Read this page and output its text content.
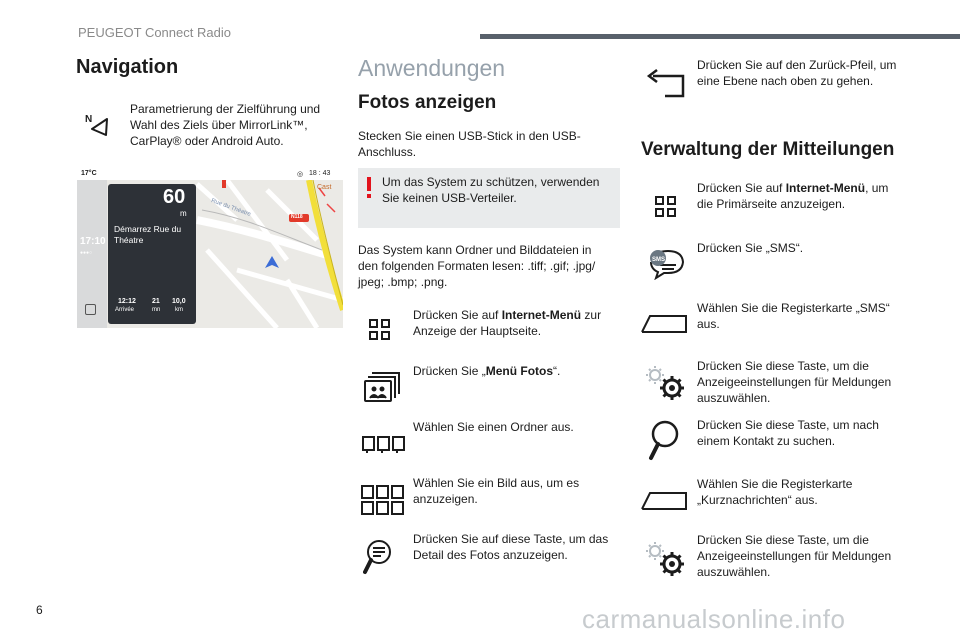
PEUGEOT Connect Radio
Navigation
N
Parametrierung der Zielführung und Wahl des Ziels über MirrorLink™, CarPlay® oder Android Auto.
17°C	◎ 18 : 43
Rue du Théatre	N118
Cast
17:10
●●●○
60
m
Démarrez Rue du Théatre
12:12
Arrivée
21
mn
10,0
km
Anwendungen
Fotos anzeigen
Stecken Sie einen USB-Stick in den USB-Anschluss.
Um das System zu schützen, verwenden Sie keinen USB-Verteiler.
Das System kann Ordner und Bilddateien in den folgenden Formaten lesen: .tiff; .gif; .jpg/ jpeg; .bmp; .png.
Drücken Sie auf Internet-Menü zur Anzeige der Hauptseite.
Drücken Sie „Menü Fotos“.
Wählen Sie einen Ordner aus.
Wählen Sie ein Bild aus, um es anzuzeigen.
Drücken Sie auf diese Taste, um das Detail des Fotos anzuzeigen.
Drücken Sie auf den Zurück-Pfeil, um eine Ebene nach oben zu gehen.
Verwaltung der Mitteilungen
Drücken Sie auf Internet-Menü, um die Primärseite anzuzeigen.
SMS
Drücken Sie „SMS“.
Wählen Sie die Registerkarte „SMS“ aus.
Drücken Sie diese Taste, um die Anzeigeeinstellungen für Meldungen auszuwählen.
Drücken Sie diese Taste, um nach einem Kontakt zu suchen.
Wählen Sie die Registerkarte „Kurznachrichten“ aus.
Drücken Sie diese Taste, um die Anzeigeeinstellungen für Meldungen auszuwählen.
6	carmanualsonline.info
